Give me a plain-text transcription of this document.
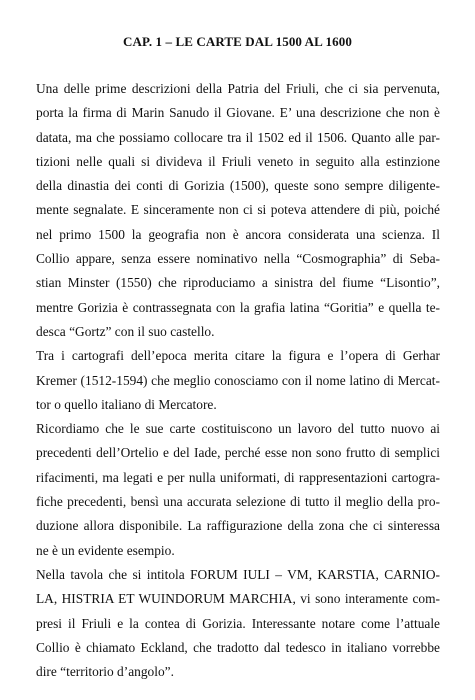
CAP. 1 – LE CARTE DAL 1500 AL 1600
Una delle prime descrizioni della Patria del Friuli, che ci sia pervenuta,
porta la firma di Marin Sanudo il Giovane. E’ una descrizione che non è
datata, ma che possiamo collocare tra il 1502 ed il 1506. Quanto alle par-
tizioni nelle quali si divideva il Friuli veneto in seguito alla estinzione
della dinastia dei conti di Gorizia (1500), queste sono sempre diligente-
mente segnalate. E sinceramente non ci si poteva attendere di più, poiché
nel primo 1500 la geografia non è ancora considerata una scienza. Il
Collio appare, senza essere nominativo nella “Cosmographia” di Seba-
stian Minster (1550) che riproduciamo a sinistra del fiume “Lisontio”,
mentre Gorizia è contrassegnata con la grafia latina “Goritia” e quella te-
desca “Gortz” con il suo castello.
Tra i cartografi dell’epoca merita citare la figura e l’opera di Gerhar
Kremer (1512-1594) che meglio conosciamo con il nome latino di Mercat-
tor o quello italiano di Mercatore.
Ricordiamo che le sue carte costituiscono un lavoro del tutto nuovo ai
precedenti dell’Ortelio e del Iade, perché esse non sono frutto di semplici
rifacimenti, ma legati e per nulla uniformati, di rappresentazioni cartogra-
fiche precedenti, bensì una accurata selezione di tutto il meglio della pro-
duzione allora disponibile. La raffigurazione della zona che ci sinteressa
ne è un evidente esempio.
Nella tavola che si intitola FORUM IULI – VM, KARSTIA, CARNIO-
LA, HISTRIA ET WUINDORUM MARCHIA, vi sono interamente com-
presi il Friuli e la contea di Gorizia. Interessante notare come l’attuale
Collio è chiamato Eckland, che tradotto dal tedesco in italiano vorrebbe
dire “territorio d’angolo”.
